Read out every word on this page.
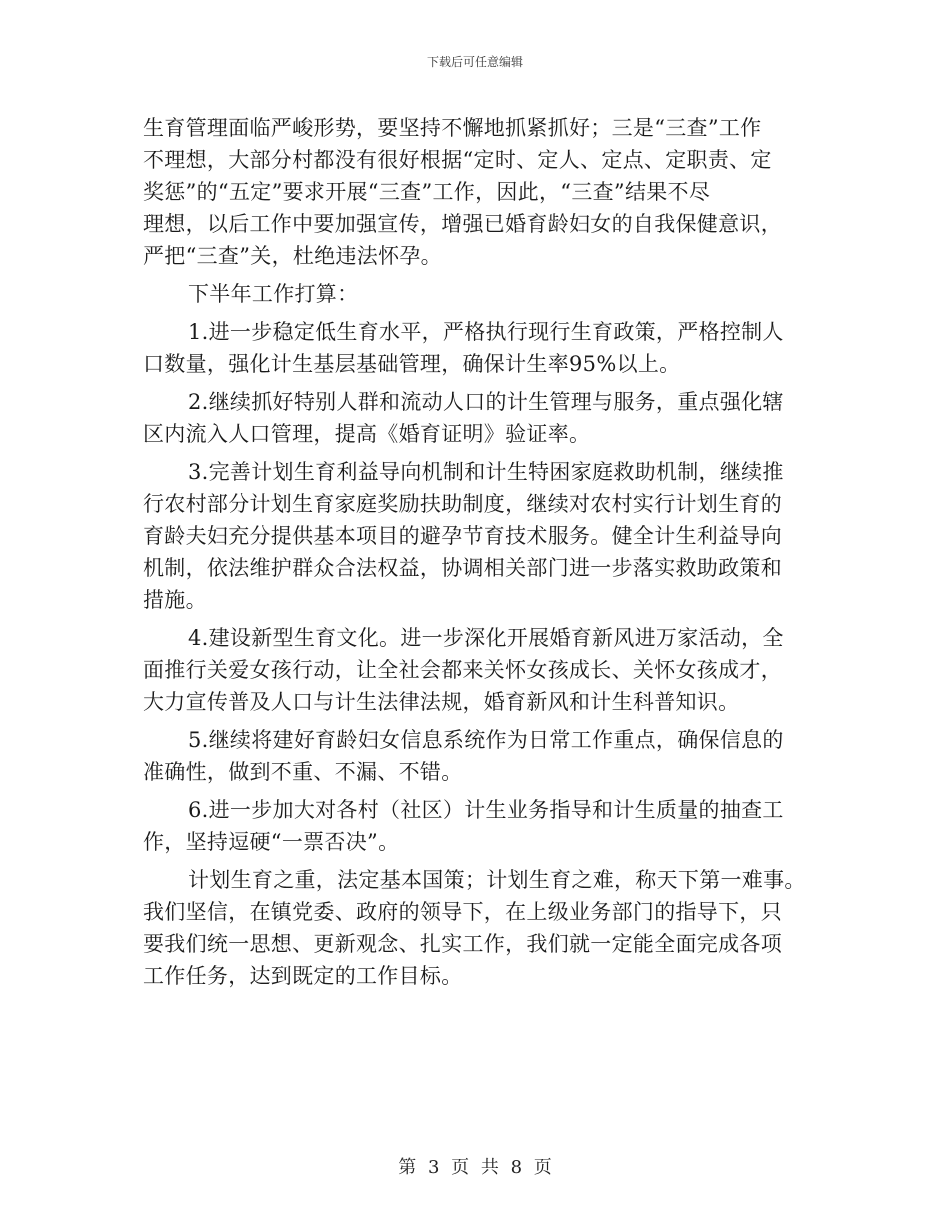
下载后可任意编辑
生育管理面临严峻形势，要坚持不懈地抓紧抓好；三是“三查”工作
不理想，大部分村都没有很好根据“定时、定人、定点、定职责、定
奖惩”的“五定”要求开展“三查”工作，因此，“三查”结果不尽
理想，以后工作中要加强宣传，增强已婚育龄妇女的自我保健意识，
严把“三查”关，杜绝违法怀孕。
下半年工作打算：
1.进一步稳定低生育水平，严格执行现行生育政策，严格控制人
口数量，强化计生基层基础管理，确保计生率95%以上。
2.继续抓好特别人群和流动人口的计生管理与服务，重点强化辖
区内流入人口管理，提高《婚育证明》验证率。
3.完善计划生育利益导向机制和计生特困家庭救助机制，继续推
行农村部分计划生育家庭奖励扶助制度，继续对农村实行计划生育的
育龄夫妇充分提供基本项目的避孕节育技术服务。健全计生利益导向
机制，依法维护群众合法权益，协调相关部门进一步落实救助政策和
措施。
4.建设新型生育文化。进一步深化开展婚育新风进万家活动，全
面推行关爱女孩行动，让全社会都来关怀女孩成长、关怀女孩成才，
大力宣传普及人口与计生法律法规，婚育新风和计生科普知识。
5.继续将建好育龄妇女信息系统作为日常工作重点，确保信息的
准确性，做到不重、不漏、不错。
6.进一步加大对各村（社区）计生业务指导和计生质量的抽查工
作，坚持逗硬“一票否决”。
计划生育之重，法定基本国策；计划生育之难，称天下第一难事。
我们坚信，在镇党委、政府的领导下，在上级业务部门的指导下，只
要我们统一思想、更新观念、扎实工作，我们就一定能全面完成各项
工作任务，达到既定的工作目标。
第 3 页 共 8 页
